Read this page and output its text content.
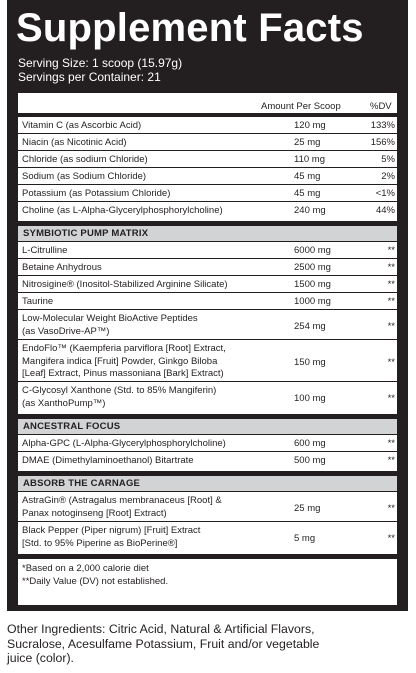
Supplement Facts
Serving Size: 1 scoop (15.97g)
Servings per Container: 21
Amount Per Scoop	%DV
Vitamin C (as Ascorbic Acid)	120 mg	133%
Niacin (as Nicotinic Acid)	25 mg	156%
Chloride (as sodium Chloride)	110 mg	5%
Sodium (as Sodium Chloride)	45 mg	2%
Potassium (as Potassium Chloride)	45 mg	<1%
Choline (as L-Alpha-Glycerylphosphorylcholine)	240 mg	44%
SYMBIOTIC PUMP MATRIX
L-Citrulline	6000 mg	**
Betaine Anhydrous	2500 mg	**
Nitrosigine® (Inositol-Stabilized Arginine Silicate)	1500 mg	**
Taurine	1000 mg	**
Low-Molecular Weight BioActive Peptides
(as VasoDrive-AP™)	254 mg	**
EndoFlo™ (Kaempferia parviflora [Root] Extract,
Mangifera indica [Fruit] Powder, Ginkgo Biloba
[Leaf] Extract, Pinus massoniana [Bark] Extract)
150 mg	**
C-Glycosyl Xanthone (Std. to 85% Mangiferin)
(as XanthoPump™)	100 mg	**
ANCESTRAL FOCUS
Alpha-GPC (L-Alpha-Glycerylphosphorylcholine)	600 mg	**
DMAE (Dimethylaminoethanol) Bitartrate	500 mg	**
ABSORB THE CARNAGE
AstraGin® (Astragalus membranaceus [Root] &
Panax notoginseng [Root] Extract)	25 mg	**
Black Pepper (Piper nigrum) [Fruit] Extract
[Std. to 95% Piperine as BioPerine®]	5 mg	**
*Based on a 2,000 calorie diet
**Daily Value (DV) not established.
Other Ingredients: Citric Acid, Natural & Artificial Flavors,
Sucralose, Acesulfame Potassium, Fruit and/or vegetable
juice (color).
